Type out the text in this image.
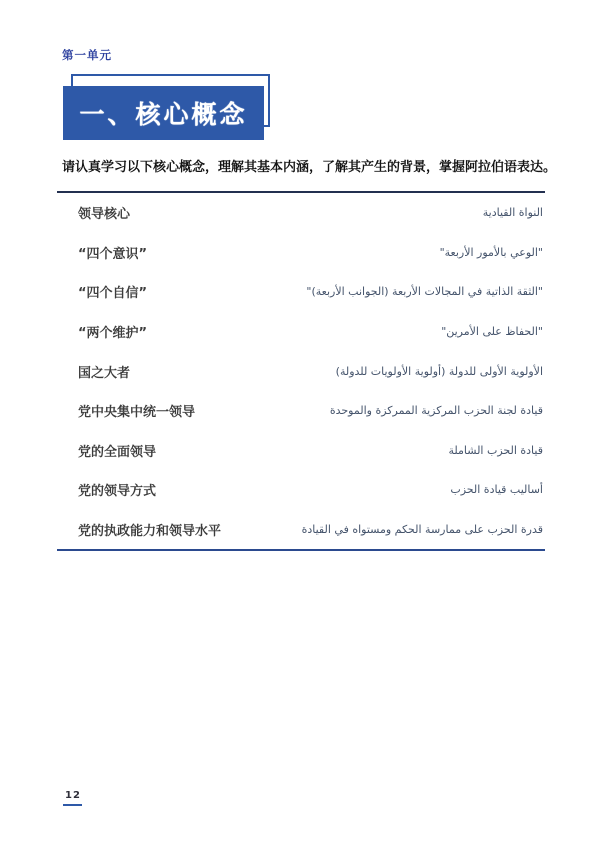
第一单元
一、核心概念
请认真学习以下核心概念，理解其基本内涵，了解其产生的背景，掌握阿拉伯语表达。
领导核心	النواة القيادية
“四个意识”	"الوعي بالأمور الأربعة"
“四个自信”	"الثقة الذاتية في المجالات الأربعة (الجوانب الأربعة)"
“两个维护”	"الحفاظ على الأمرين"
国之大者	الأولوية الأولى للدولة (أولوية الأولويات للدولة)
党中央集中统一领导	قيادة لجنة الحزب المركزية الممركزة والموحدة
党的全面领导	قيادة الحزب الشاملة
党的领导方式	أساليب قيادة الحزب
党的执政能力和领导水平	قدرة الحزب على ممارسة الحكم ومستواه في القيادة
12
